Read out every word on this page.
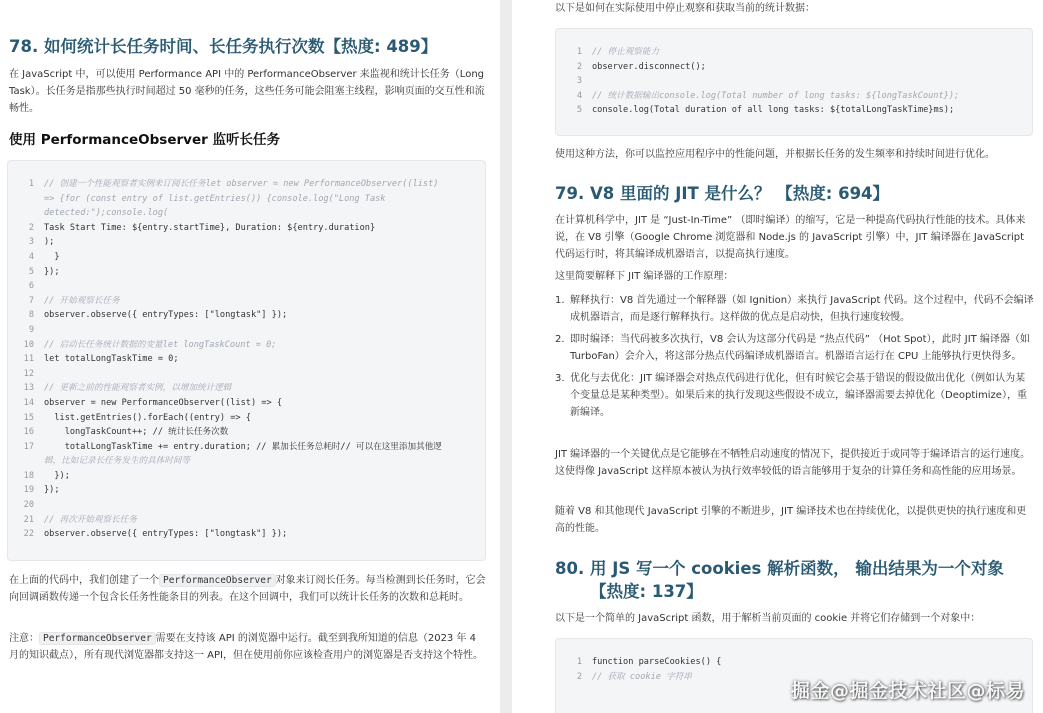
78. 如何统计长任务时间、长任务执行次数【热度: 489】
在 JavaScript 中，可以使用 Performance API 中的 PerformanceObserver 来监视和统计长任务（Long Task）。长任务是指那些执行时间超过 50 毫秒的任务，这些任务可能会阻塞主线程，影响页面的交互性和流畅性。
使用 PerformanceObserver 监听长任务
1 // 创建一个性能观察者实例来订阅长任务let observer = new PerformanceObserver((list)
=> {for (const entry of list.getEntries()) {console.log("Long Task
detected:");console.log(
2 Task Start Time: ${entry.startTime}, Duration: ${entry.duration}
3 );
4  }
5 });
6
7 // 开始观察长任务
8 observer.observe({ entryTypes: ["longtask"] });
9
10 // 启动长任务统计数据的变量let longTaskCount = 0;
11 let totalLongTaskTime = 0;
12
13 // 更新之前的性能观察者实例，以增加统计逻辑
14 observer = new PerformanceObserver((list) => {
15  list.getEntries().forEach((entry) => {
16    longTaskCount++; // 统计长任务次数
17    totalLongTaskTime += entry.duration; // 累加长任务总耗时// 可以在这里添加其他逻
辑，比如记录长任务发生的具体时间等
18  });
19 });
20
21 // 再次开始观察长任务
22 observer.observe({ entryTypes: ["longtask"] });
在上面的代码中，我们创建了一个 PerformanceObserver 对象来订阅长任务。每当检测到长任务时，它会向回调函数传递一个包含长任务性能条目的列表。在这个回调中，我们可以统计长任务的次数和总耗时。
注意： PerformanceObserver 需要在支持该 API 的浏览器中运行。截至到我所知道的信息（2023 年 4 月的知识截点），所有现代浏览器都支持这一 API，但在使用前你应该检查用户的浏览器是否支持这个特性。
以下是如何在实际使用中停止观察和获取当前的统计数据：
1 // 停止观察能力
2 observer.disconnect();
3
4 // 统计数据输出console.log(Total number of long tasks: ${longTaskCount});
5 console.log(Total duration of all long tasks: ${totalLongTaskTime}ms);
使用这种方法，你可以监控应用程序中的性能问题，并根据长任务的发生频率和持续时间进行优化。
79. V8 里面的 JIT 是什么？ 【热度: 694】
在计算机科学中，JIT 是 “Just-In-Time” （即时编译）的缩写，它是一种提高代码执行性能的技术。具体来说，在 V8 引擎（Google Chrome 浏览器和 Node.js 的 JavaScript 引擎）中，JIT 编译器在 JavaScript 代码运行时，将其编译成机器语言，以提高执行速度。
这里简要解释下 JIT 编译器的工作原理：
1. 解释执行：V8 首先通过一个解释器（如 Ignition）来执行 JavaScript 代码。这个过程中，代码不会编译成机器语言，而是逐行解释执行。这样做的优点是启动快，但执行速度较慢。
2. 即时编译：当代码被多次执行，V8 会认为这部分代码是 “热点代码” （Hot Spot），此时 JIT 编译器（如 TurboFan）会介入，将这部分热点代码编译成机器语言。机器语言运行在 CPU 上能够执行更快得多。
3. 优化与去优化：JIT 编译器会对热点代码进行优化，但有时候它会基于错误的假设做出优化（例如认为某个变量总是某种类型）。如果后来的执行发现这些假设不成立，编译器需要去掉优化（Deoptimize），重新编译。
JIT 编译器的一个关键优点是它能够在不牺牲启动速度的情况下，提供接近于或同等于编译语言的运行速度。这使得像 JavaScript 这样原本被认为执行效率较低的语言能够用于复杂的计算任务和高性能的应用场景。
随着 V8 和其他现代 JavaScript 引擎的不断进步，JIT 编译技术也在持续优化，以提供更快的执行速度和更高的性能。
80. 用 JS 写一个 cookies 解析函数， 输出结果为一个对象
【热度: 137】
以下是一个简单的 JavaScript 函数，用于解析当前页面的 cookie 并将它们存储到一个对象中：
1 function parseCookies() {
2 // 获取 cookie 字符串
掘金@掘金技术社区@标易
